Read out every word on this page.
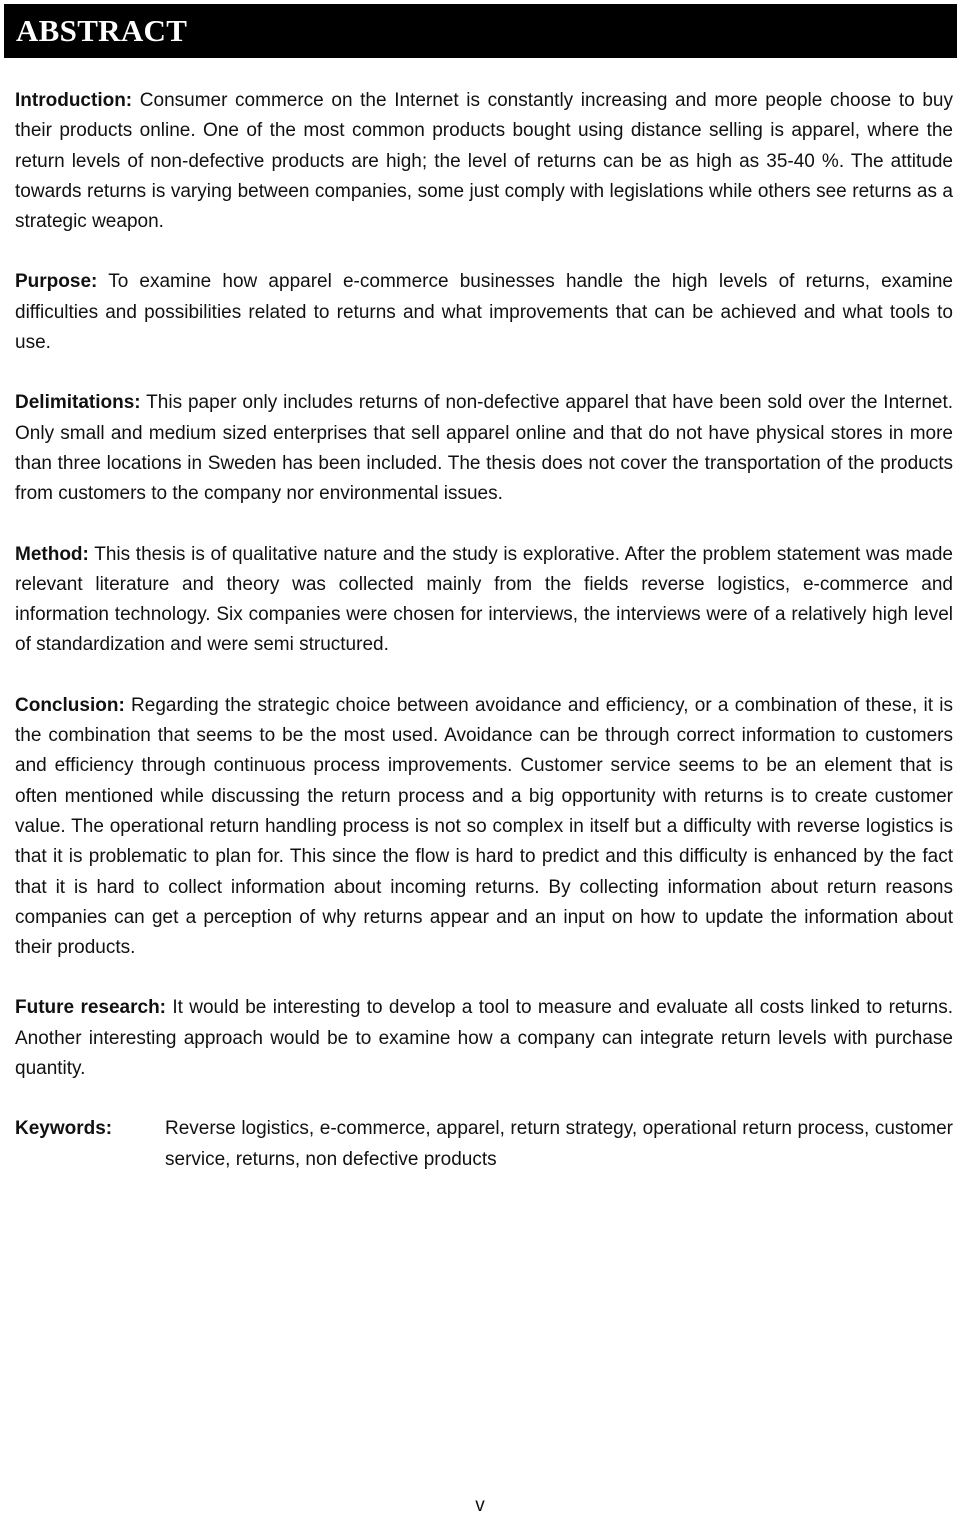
ABSTRACT

Introduction: Consumer commerce on the Internet is constantly increasing and more people choose to buy their products online. One of the most common products bought using distance selling is apparel, where the return levels of non-defective products are high; the level of returns can be as high as 35-40 %. The attitude towards returns is varying between companies, some just comply with legislations while others see returns as a strategic weapon.

Purpose: To examine how apparel e-commerce businesses handle the high levels of returns, examine difficulties and possibilities related to returns and what improvements that can be achieved and what tools to use.

Delimitations: This paper only includes returns of non-defective apparel that have been sold over the Internet. Only small and medium sized enterprises that sell apparel online and that do not have physical stores in more than three locations in Sweden has been included. The thesis does not cover the transportation of the products from customers to the company nor environmental issues.

Method: This thesis is of qualitative nature and the study is explorative. After the problem statement was made relevant literature and theory was collected mainly from the fields reverse logistics, e-commerce and information technology. Six companies were chosen for interviews, the interviews were of a relatively high level of standardization and were semi structured.

Conclusion: Regarding the strategic choice between avoidance and efficiency, or a combination of these, it is the combination that seems to be the most used. Avoidance can be through correct information to customers and efficiency through continuous process improvements. Customer service seems to be an element that is often mentioned while discussing the return process and a big opportunity with returns is to create customer value. The operational return handling process is not so complex in itself but a difficulty with reverse logistics is that it is problematic to plan for. This since the flow is hard to predict and this difficulty is enhanced by the fact that it is hard to collect information about incoming returns. By collecting information about return reasons companies can get a perception of why returns appear and an input on how to update the information about their products.

Future research: It would be interesting to develop a tool to measure and evaluate all costs linked to returns. Another interesting approach would be to examine how a company can integrate return levels with purchase quantity.

Keywords:	Reverse logistics, e-commerce, apparel, return strategy, operational return process, customer service, returns, non defective products
v
